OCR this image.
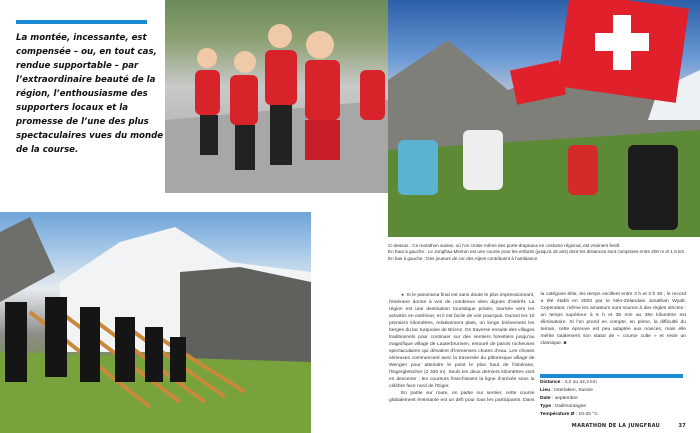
La montée, incessante, est compensée – ou, en tout cas, rendue supportable – par l’extraordinaire beauté de la région, l’enthousiasme des supporters locaux et la promesse de l’une des plus spectaculaires vues du monde de la course.

Ci-dessus : Ce marathon suisse, où l’on croise même des porte-drapeaux en costume régional, est vraiment festif.
En haut à gauche : Le Jungfrau-Minirun est une course pour les enfants (jusqu’à 16 ans) dont les distances sont comprises entre 200 m et 1,6 km.
En bas à gauche : Des joueurs de cor des Alpes contribuent à l’ambiance.

► Si le panorama final est sans doute le plus impressionnant, l’itinéraire donne à voir de nombreux sites dignes d’intérêt. La région est une destination touristique prisée, tournée vers les activités en extérieur, et il est facile de voir pourquoi. Durant les 10 premiers kilomètres, relativement plats, on longe brièvement les berges du lac turquoise de Brienz. On traverse ensuite des villages traditionnels pour continuer sur des sentiers forestiers jusqu’au magnifique village de Lauterbrunnen, entouré de parois rocheuses spectaculaires qui dévalent d’immenses chutes d’eau. Les choses sérieuses commencent avec la traversée du pittoresque village de Wengen pour atteindre le point le plus haut de l’itinéraire, l’Eigergletscher (2 320 m). Seuls les deux derniers kilomètres sont en descente ; les coureurs franchissent la ligne d’arrivée sous la célèbre face nord de l’Eiger.

En partie sur route, en partie sur sentier, cette course globalement éreintante est un défi pour tous les participants. Dans la catégorie élite, les temps oscillent entre 3 h et 3 h 30 ; le record a été établi en 2003 par le Néo-Zélandais Jonathan Wyatt. Cependant, même les amateurs sont soumis à des règles strictes : un temps supérieur à 5 h et 35 min au 38e kilomètre est éliminatoire. Si l’on prend en compte, en prime, la difficulté du terrain, cette épreuve est peu adaptée aux novices, mais elle mérite totalement son statut de « course culte » et reste un classique. ■

Distance : 4,2 ou 42,2 km
Lieu : Interlaken, Suisse
Date : septembre
Type : trail/montagne
Température Ø : 10-20 °C
MARATHON DE LA JUNGFRAU	37
